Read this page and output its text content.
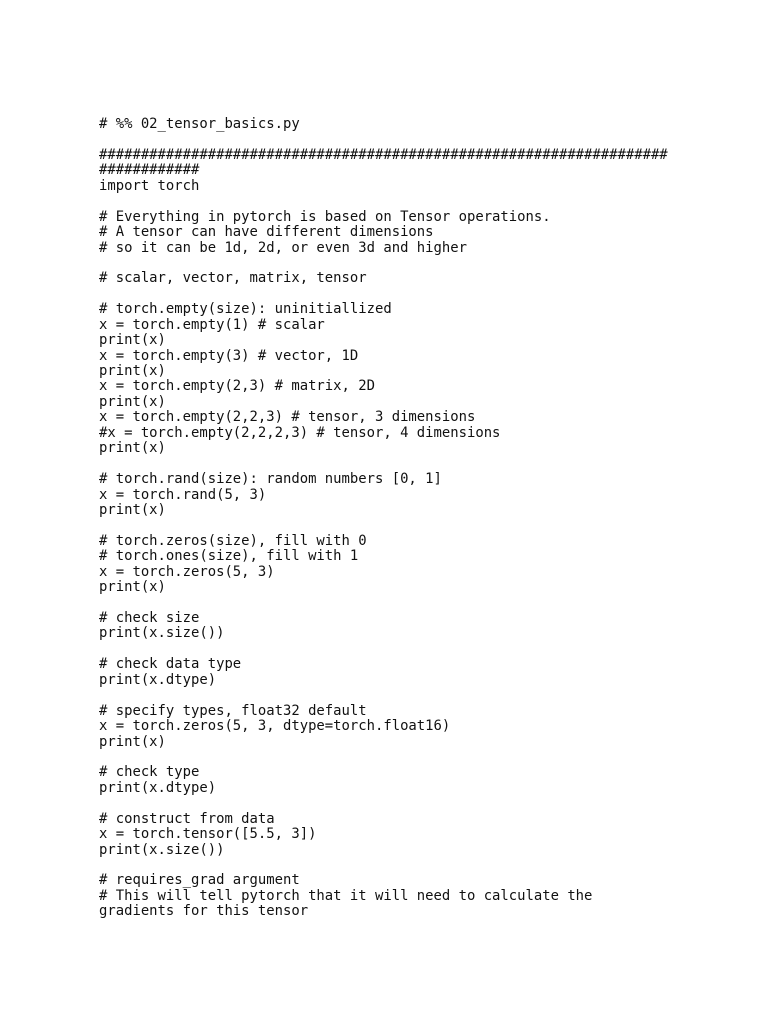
# %% 02_tensor_basics.py
####################################################################
############
import torch
# Everything in pytorch is based on Tensor operations.
# A tensor can have different dimensions
# so it can be 1d, 2d, or even 3d and higher
# scalar, vector, matrix, tensor
# torch.empty(size): uninitiallized
x = torch.empty(1) # scalar
print(x)
x = torch.empty(3) # vector, 1D
print(x)
x = torch.empty(2,3) # matrix, 2D
print(x)
x = torch.empty(2,2,3) # tensor, 3 dimensions
#x = torch.empty(2,2,2,3) # tensor, 4 dimensions
print(x)
# torch.rand(size): random numbers [0, 1]
x = torch.rand(5, 3)
print(x)
# torch.zeros(size), fill with 0
# torch.ones(size), fill with 1
x = torch.zeros(5, 3)
print(x)
# check size
print(x.size())
# check data type
print(x.dtype)
# specify types, float32 default
x = torch.zeros(5, 3, dtype=torch.float16)
print(x)
# check type
print(x.dtype)
# construct from data
x = torch.tensor([5.5, 3])
print(x.size())
# requires_grad argument
# This will tell pytorch that it will need to calculate the
gradients for this tensor
